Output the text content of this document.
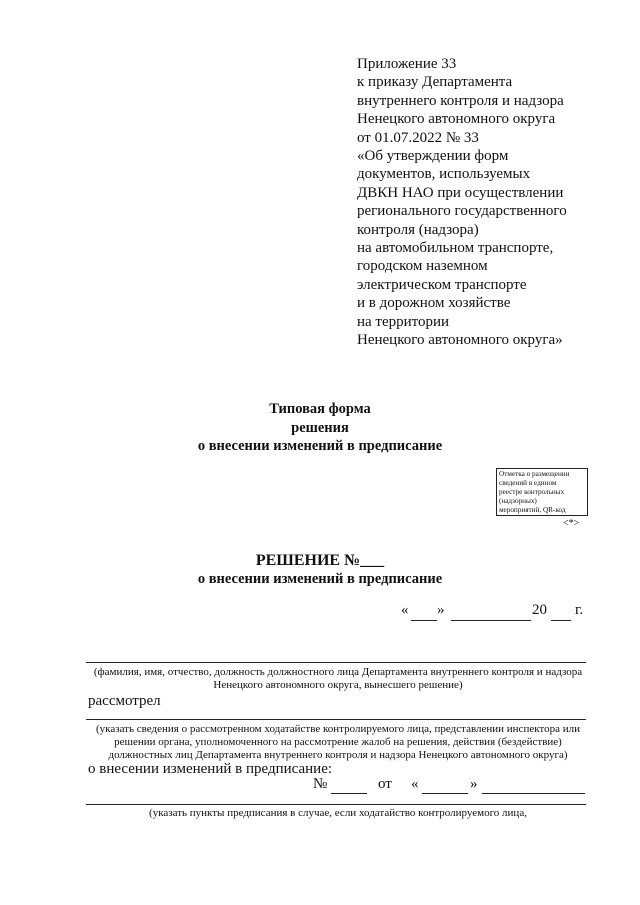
Приложение 33
к приказу Департамента
внутреннего контроля и надзора
Ненецкого автономного округа
от 01.07.2022 № 33
«Об утверждении форм
документов, используемых
ДВКН НАО при осуществлении
регионального государственного
контроля (надзора)
на автомобильном транспорте,
городском наземном
электрическом транспорте
и в дорожном хозяйстве
на территории
Ненецкого автономного округа»
Типовая форма
решения
о внесении изменений в предписание
Отметка о размещении
сведений в едином
реестре контрольных
(надзорных)
мероприятий, QR-код
<*>
РЕШЕНИЕ №___
о внесении изменений в предписание
« »	20 г.
(фамилия, имя, отчество, должность должностного лица Департамента внутреннего контроля и надзора
Ненецкого автономного округа, вынесшего решение)
рассмотрел
(указать сведения о рассмотренном ходатайстве контролируемого лица, представлении инспектора или
решении органа, уполномоченного на рассмотрение жалоб на решения, действия (бездействие)
должностных лиц Департамента внутреннего контроля и надзора Ненецкого автономного округа)
о внесении изменений в предписание:
№	от «	»
(указать пункты предписания в случае, если ходатайство контролируемого лица,
